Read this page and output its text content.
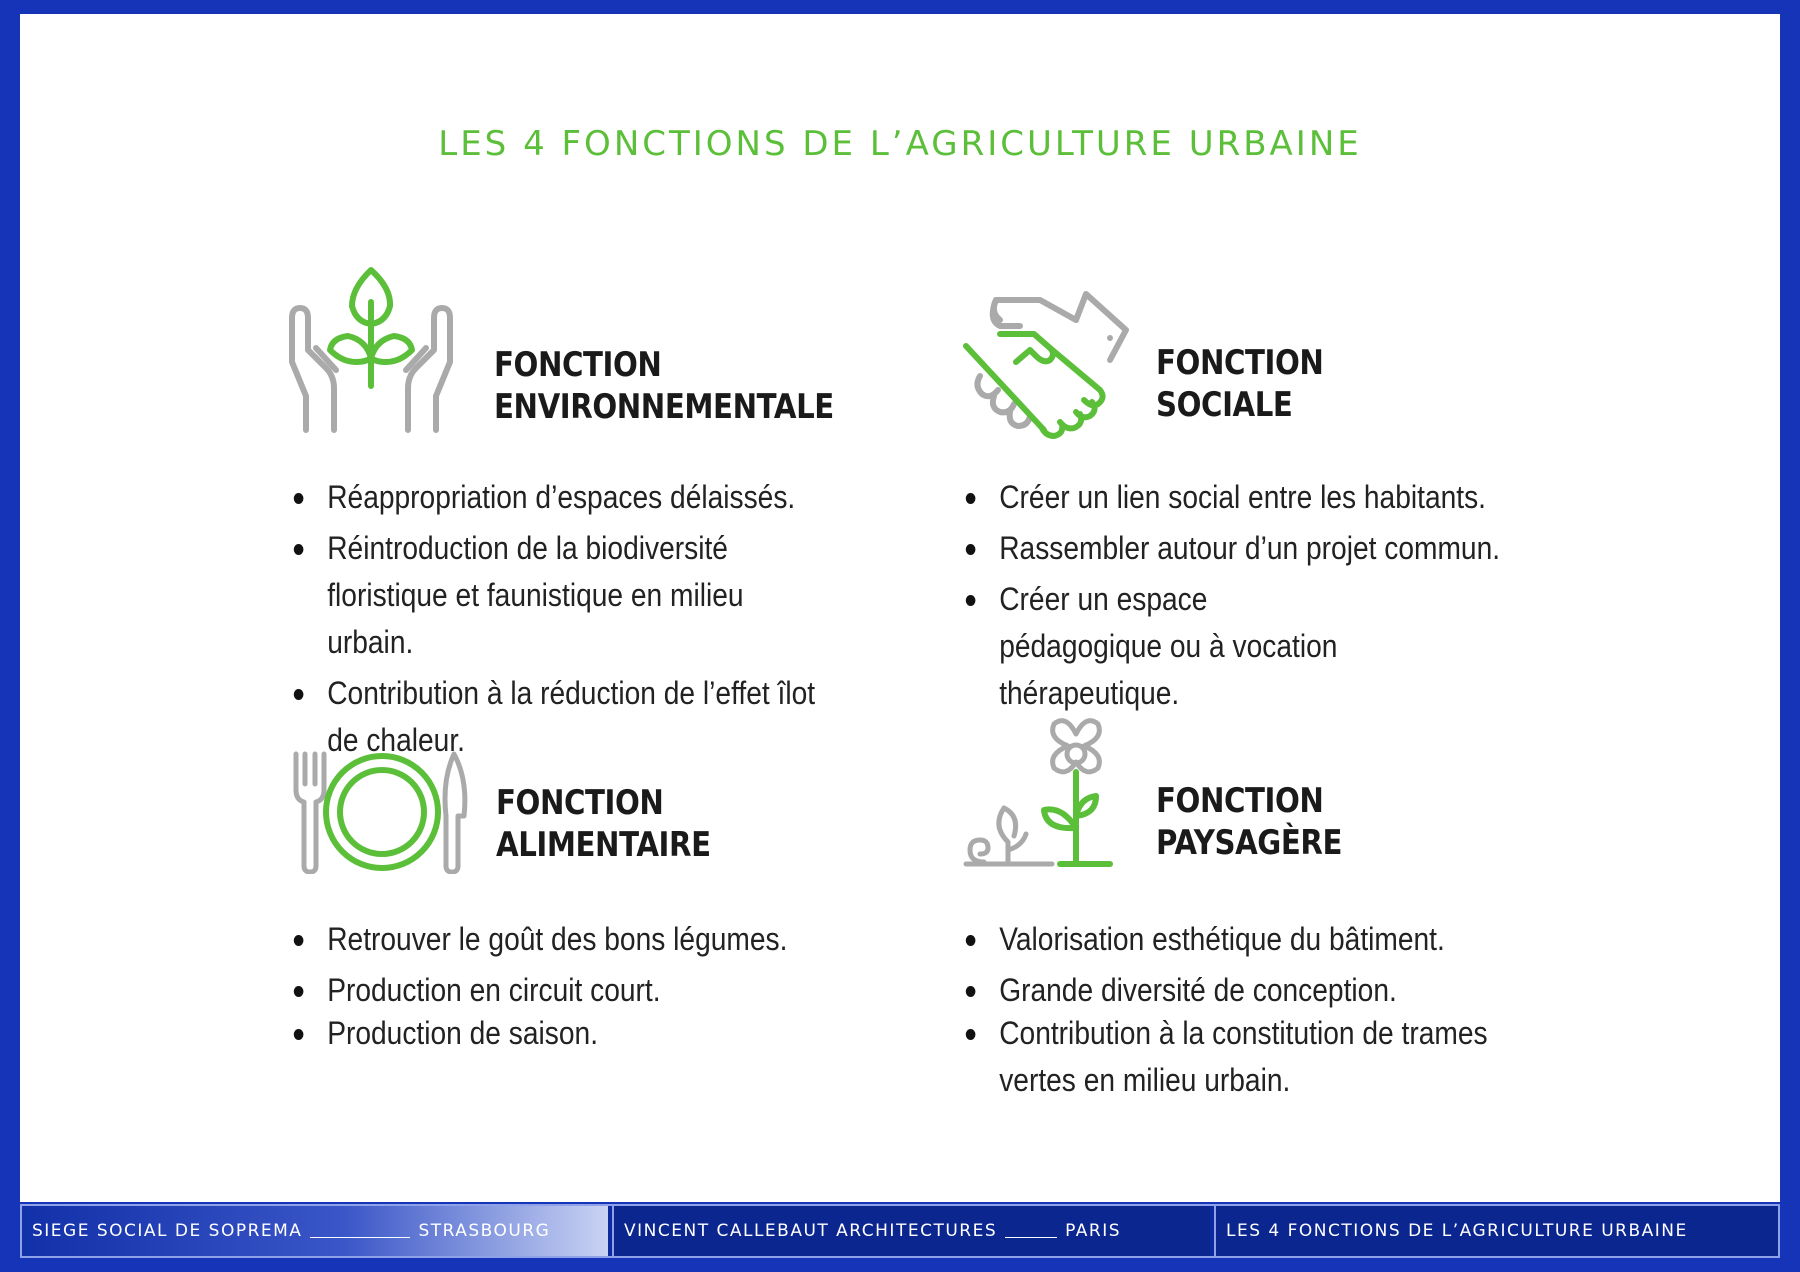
LES 4 FONCTIONS DE L’AGRICULTURE URBAINE
FONCTION
ENVIRONNEMENTALE
Réappropriation d’espaces délaissés.
Réintroduction de la biodiversité floristique et faunistique en milieu urbain.
Contribution à la réduction de l’effet îlot de chaleur.
FONCTION
SOCIALE
Créer un lien social entre les habitants.
Rassembler autour d’un projet commun.
Créer un espace pédagogique ou à vocation thérapeutique.
FONCTION
ALIMENTAIRE
Retrouver le goût des bons légumes.
Production en circuit court.
Production de saison.
FONCTION
PAYSAGÈRE
Valorisation esthétique du bâtiment.
Grande diversité de conception.
Contribution à la constitution de trames vertes en milieu urbain.
SIEGE SOCIAL DE SOPREMA	STRASBOURG	VINCENT CALLEBAUT ARCHITECTURES	PARIS	LES 4 FONCTIONS DE L’AGRICULTURE URBAINE
